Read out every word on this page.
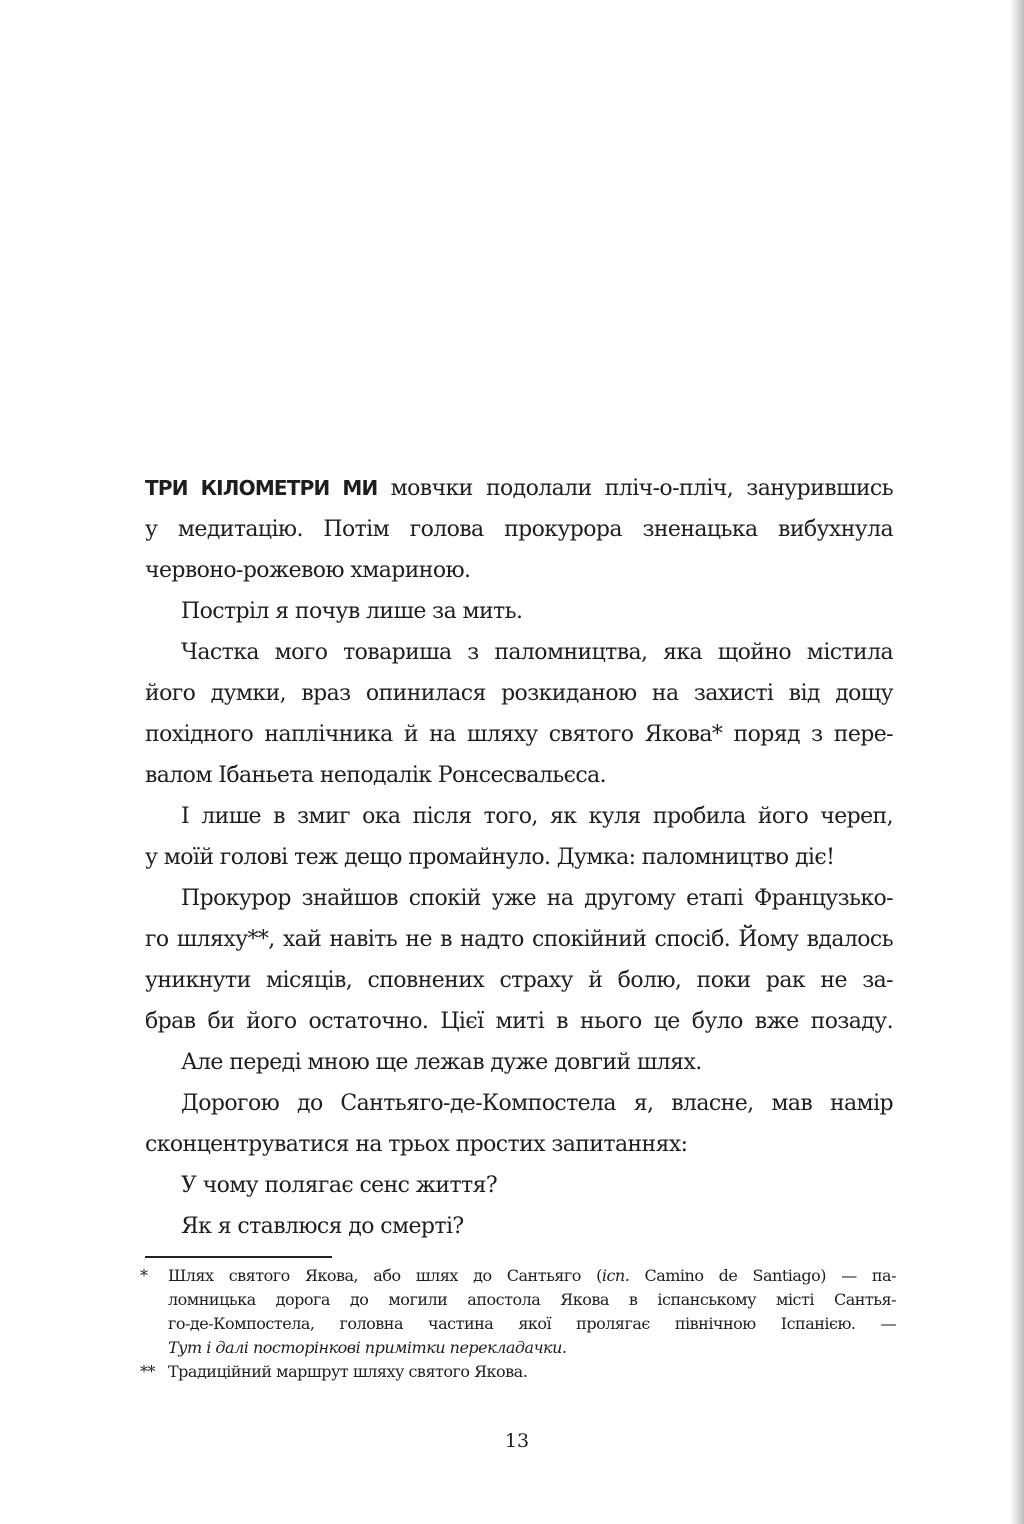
ТРИ КІЛОМЕТРИ МИ мовчки подолали пліч-о-пліч, занурившись
у медитацію. Потім голова прокурора зненацька вибухнула
червоно-рожевою хмариною.
Постріл я почув лише за мить.
Частка мого товариша з паломництва, яка щойно містила
його думки, враз опинилася розкиданою на захисті від дощу
похідного наплічника й на шляху святого Якова* поряд з пере-
валом Ібаньета неподалік Ронсесвальєса.
І лише в змиг ока після того, як куля пробила його череп,
у моїй голові теж дещо промайнуло. Думка: паломництво діє!
Прокурор знайшов спокій уже на другому етапі Французько-
го шляху**, хай навіть не в надто спокійний спосіб. Йому вдалось
уникнути місяців, сповнених страху й болю, поки рак не за-
брав би його остаточно. Цієї миті в нього це було вже позаду.
Але переді мною ще лежав дуже довгий шлях.
Дорогою до Сантьяго-де-Компостела я, власне, мав намір
сконцентруватися на трьох простих запитаннях:
У чому полягає сенс життя?
Як я ставлюся до смерті?
* Шлях святого Якова, або шлях до Сантьяго (ісп. Camino de Santiago) — па-
ломницька дорога до могили апостола Якова в іспанському місті Сантья-
го-де-Компостела, головна частина якої пролягає північною Іспанією. —
Тут і далі посторінкові примітки перекладачки.
** Традиційний маршрут шляху святого Якова.
13
